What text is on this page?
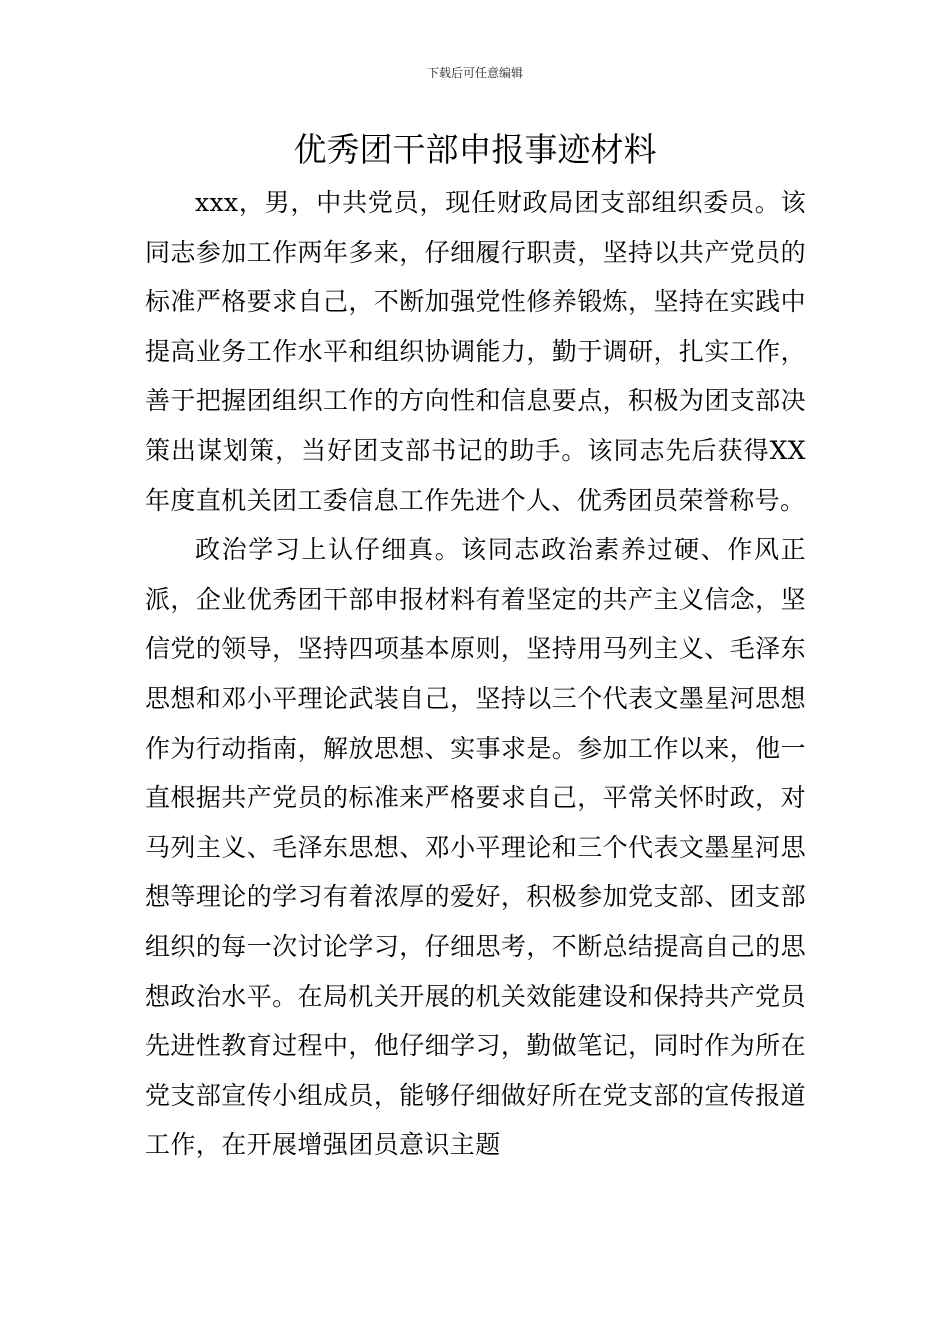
下载后可任意编辑
优秀团干部申报事迹材料

xxx，男，中共党员，现任财政局团支部组织委员。该同志参加工作两年多来，仔细履行职责，坚持以共产党员的标准严格要求自己，不断加强党性修养锻炼，坚持在实践中提高业务工作水平和组织协调能力，勤于调研，扎实工作，善于把握团组织工作的方向性和信息要点，积极为团支部决策出谋划策，当好团支部书记的助手。该同志先后获得XX年度直机关团工委信息工作先进个人、优秀团员荣誉称号。

政治学习上认仔细真。该同志政治素养过硬、作风正派，企业优秀团干部申报材料有着坚定的共产主义信念，坚信党的领导，坚持四项基本原则，坚持用马列主义、毛泽东思想和邓小平理论武装自己，坚持以三个代表文墨星河思想作为行动指南，解放思想、实事求是。参加工作以来，他一直根据共产党员的标准来严格要求自己，平常关怀时政，对马列主义、毛泽东思想、邓小平理论和三个代表文墨星河思想等理论的学习有着浓厚的爱好，积极参加党支部、团支部组织的每一次讨论学习，仔细思考，不断总结提高自己的思想政治水平。在局机关开展的机关效能建设和保持共产党员先进性教育过程中，他仔细学习，勤做笔记，同时作为所在党支部宣传小组成员，能够仔细做好所在党支部的宣传报道工作，在开展增强团员意识主题
